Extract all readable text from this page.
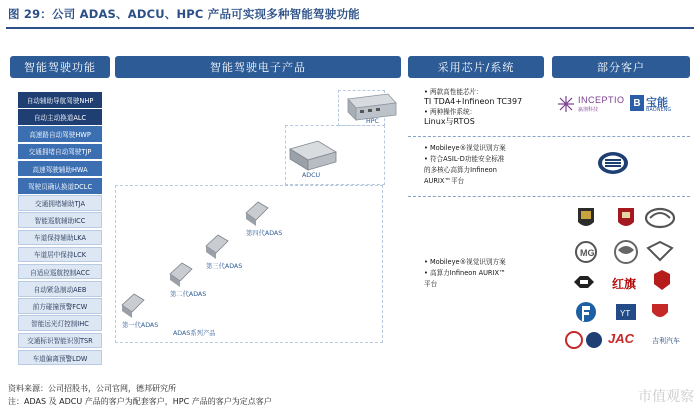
图 29：公司 ADAS、ADCU、HPC 产品可实现多种智能驾驶功能
智能驾驶功能	智能驾驶电子产品	采用芯片/系统	部分客户
自动辅助导航驾驶NHP
自动主动换道ALC
高速路自动驾驶HWP
交通拥堵自动驾驶TJP
高速驾驶辅助HWA
驾驶员确认换道DCLC
交通拥堵辅助TJA
智能巡航辅助ICC
车道保持辅助LKA
车道居中保持LCK
自适应巡航控制ACC
自动紧急制动AEB
前方碰撞预警FCW
智能远光灯控制IHC
交通标识智能识别TSR
车道偏离预警LDW
HPC
ADCU
ADAS系列产品
第一代ADAS
第二代ADAS
第三代ADAS
第四代ADAS
• 两款高性能芯片：
TI TDA4+Infineon TC397
• 两种操作系统：
Linux与RTOS
• Mobileye®视觉识别方案
• 符合ASIL-D功能安全标准
的多核心高算力Infineon
AURIX™平台
• Mobileye®视觉识别方案
• 高算力Infineon AURIX™
平台
INCEPTIO
嬴彻科技
B 宝能
BAONENG
MG
红旗
YT
JAC	吉利汽车
资料来源：公司招股书，公司官网，德邦研究所
注：ADAS 及 ADCU 产品的客户为配套客户，HPC 产品的客户为定点客户	市值观察
